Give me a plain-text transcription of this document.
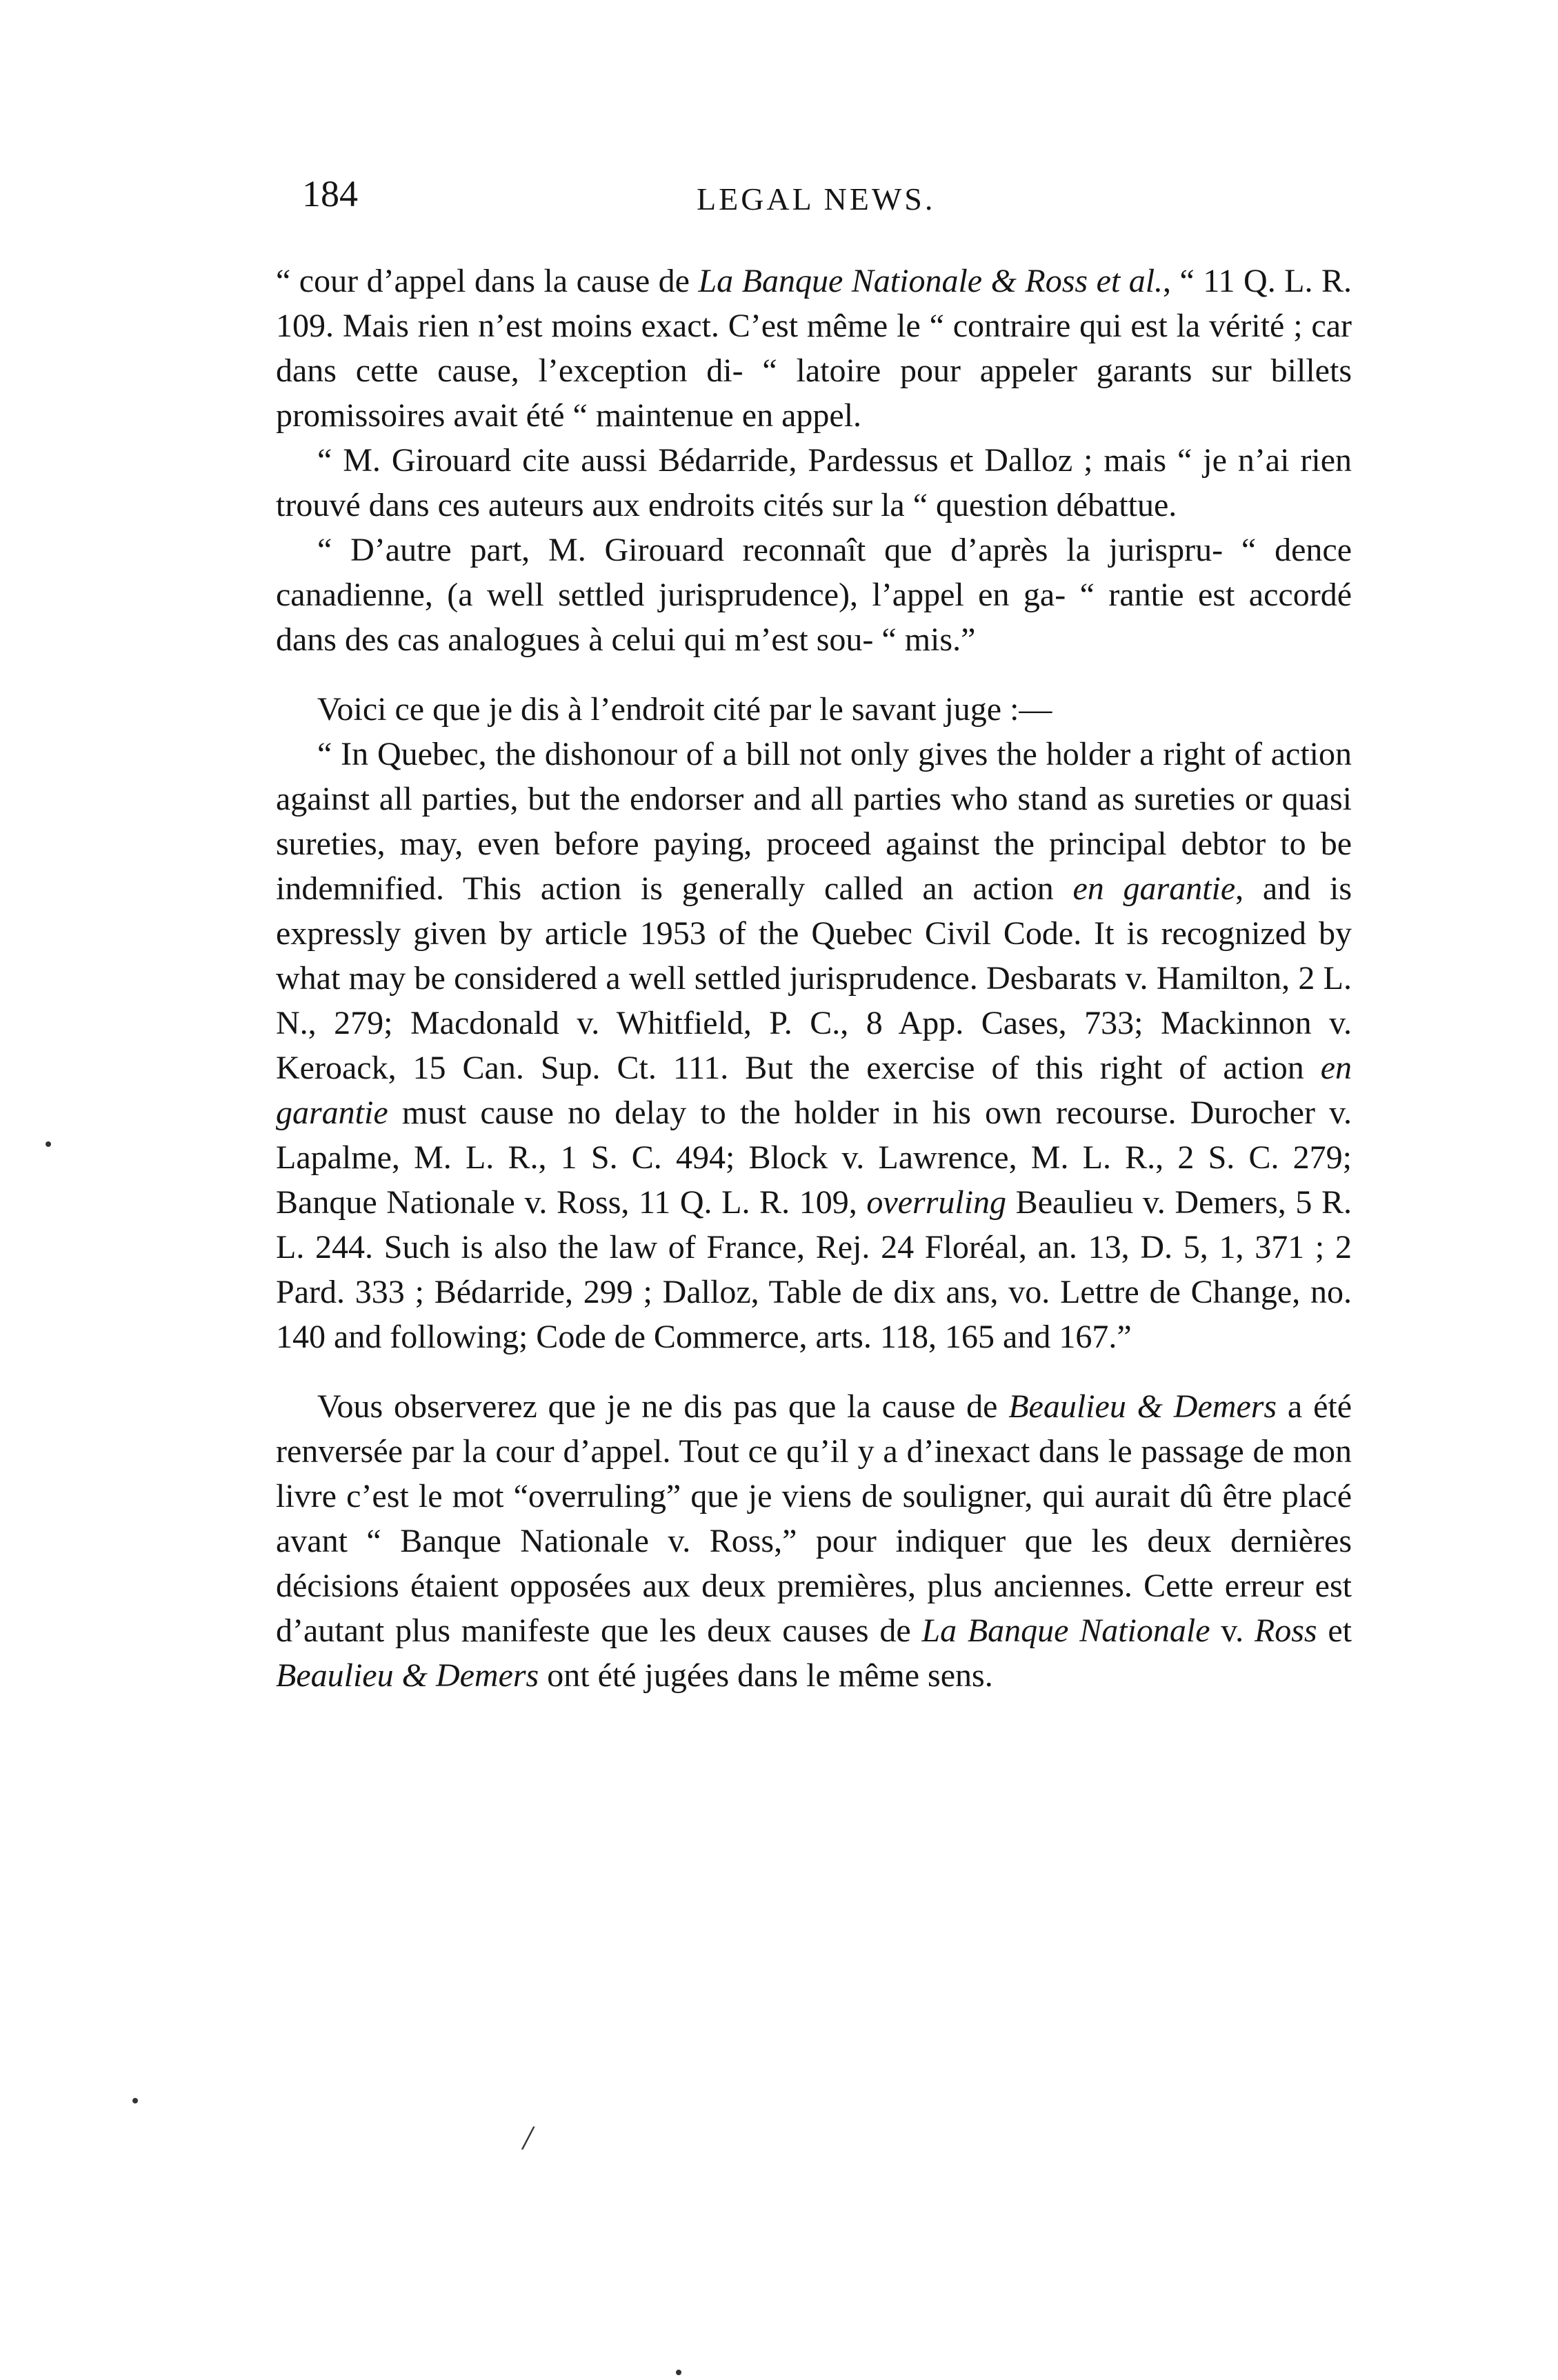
184	LEGAL NEWS.

“ cour d’appel dans la cause de La Banque Nationale & Ross et al., “ 11 Q. L. R. 109. Mais rien n’est moins exact. C’est même le “ contraire qui est la vérité ; car dans cette cause, l’exception di- “ latoire pour appeler garants sur billets promissoires avait été “ maintenue en appel.

“ M. Girouard cite aussi Bédarride, Pardessus et Dalloz ; mais “ je n’ai rien trouvé dans ces auteurs aux endroits cités sur la “ question débattue.

“ D’autre part, M. Girouard reconnaît que d’après la jurispru- “ dence canadienne, (a well settled jurisprudence), l’appel en ga- “ rantie est accordé dans des cas analogues à celui qui m’est sou- “ mis.”

Voici ce que je dis à l’endroit cité par le savant juge :—

“ In Quebec, the dishonour of a bill not only gives the holder a right of action against all parties, but the endorser and all parties who stand as sureties or quasi sureties, may, even before paying, proceed against the principal debtor to be indemnified. This action is generally called an action en garantie, and is expressly given by article 1953 of the Quebec Civil Code. It is recognized by what may be considered a well settled jurisprudence. Desbarats v. Hamilton, 2 L. N., 279; Macdonald v. Whitfield, P. C., 8 App. Cases, 733; Mackinnon v. Keroack, 15 Can. Sup. Ct. 111. But the exercise of this right of action en garantie must cause no delay to the holder in his own recourse. Durocher v. Lapalme, M. L. R., 1 S. C. 494; Block v. Lawrence, M. L. R., 2 S. C. 279; Banque Nationale v. Ross, 11 Q. L. R. 109, overruling Beaulieu v. Demers, 5 R. L. 244. Such is also the law of France, Rej. 24 Floréal, an. 13, D. 5, 1, 371 ; 2 Pard. 333 ; Bédarride, 299 ; Dalloz, Table de dix ans, vo. Lettre de Change, no. 140 and following; Code de Commerce, arts. 118, 165 and 167.”

Vous observerez que je ne dis pas que la cause de Beaulieu & Demers a été renversée par la cour d’appel. Tout ce qu’il y a d’inexact dans le passage de mon livre c’est le mot “overruling” que je viens de souligner, qui aurait dû être placé avant “ Banque Nationale v. Ross,” pour indiquer que les deux dernières décisions étaient opposées aux deux premières, plus anciennes. Cette erreur est d’autant plus manifeste que les deux causes de La Banque Nationale v. Ross et Beaulieu & Demers ont été jugées dans le même sens.

/
